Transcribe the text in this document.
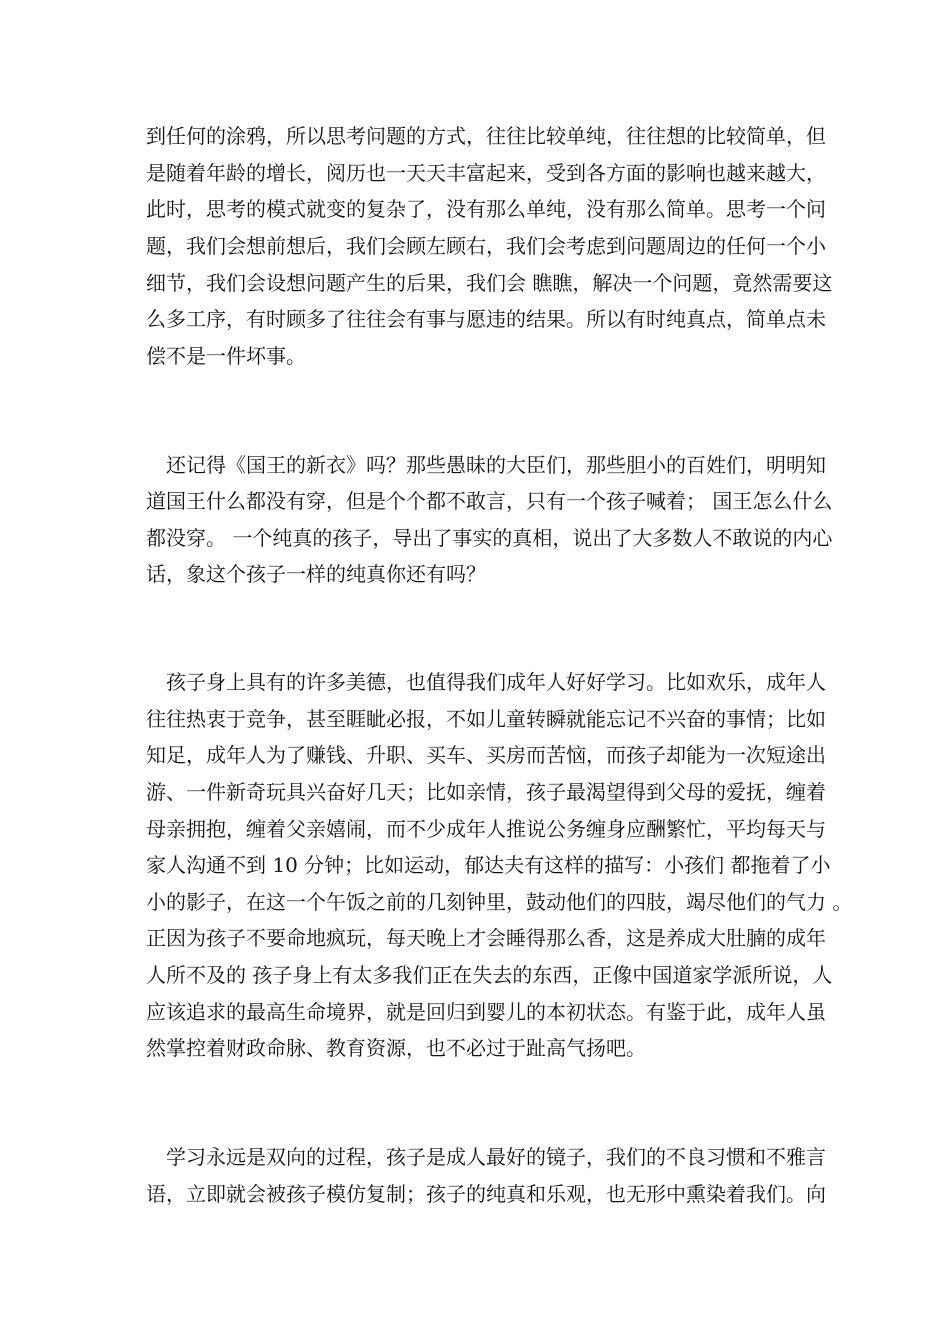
到任何的涂鸦，所以思考问题的方式，往往比较单纯，往往想的比较简单，但

是随着年龄的增长，阅历也一天天丰富起来，受到各方面的影响也越来越大，

此时，思考的模式就变的复杂了，没有那么单纯，没有那么简单。思考一个问

题，我们会想前想后，我们会顾左顾右，我们会考虑到问题周边的任何一个小

细节，我们会设想问题产生的后果，我们会 瞧瞧，解决一个问题，竟然需要这

么多工序，有时顾多了往往会有事与愿违的结果。所以有时纯真点，简单点未

偿不是一件坏事。

还记得《国王的新衣》吗？那些愚昧的大臣们，那些胆小的百姓们，明明知

道国王什么都没有穿，但是个个都不敢言，只有一个孩子喊着； 国王怎么什么

都没穿。 一个纯真的孩子，导出了事实的真相，说出了大多数人不敢说的内心

话，象这个孩子一样的纯真你还有吗？

孩子身上具有的许多美德，也值得我们成年人好好学习。比如欢乐，成年人

往往热衷于竞争，甚至睚眦必报，不如儿童转瞬就能忘记不兴奋的事情；比如

知足，成年人为了赚钱、升职、买车、买房而苦恼，而孩子却能为一次短途出

游、一件新奇玩具兴奋好几天；比如亲情，孩子最渴望得到父母的爱抚，缠着

母亲拥抱，缠着父亲嬉闹，而不少成年人推说公务缠身应酬繁忙，平均每天与

家人沟通不到 10 分钟；比如运动，郁达夫有这样的描写：小孩们 都拖着了小

小的影子，在这一个午饭之前的几刻钟里，鼓动他们的四肢，竭尽他们的气力 。

正因为孩子不要命地疯玩，每天晚上才会睡得那么香，这是养成大肚腩的成年

人所不及的 孩子身上有太多我们正在失去的东西，正像中国道家学派所说，人

应该追求的最高生命境界，就是回归到婴儿的本初状态。有鉴于此，成年人虽

然掌控着财政命脉、教育资源，也不必过于趾高气扬吧。

学习永远是双向的过程，孩子是成人最好的镜子，我们的不良习惯和不雅言

语，立即就会被孩子模仿复制；孩子的纯真和乐观，也无形中熏染着我们。向
